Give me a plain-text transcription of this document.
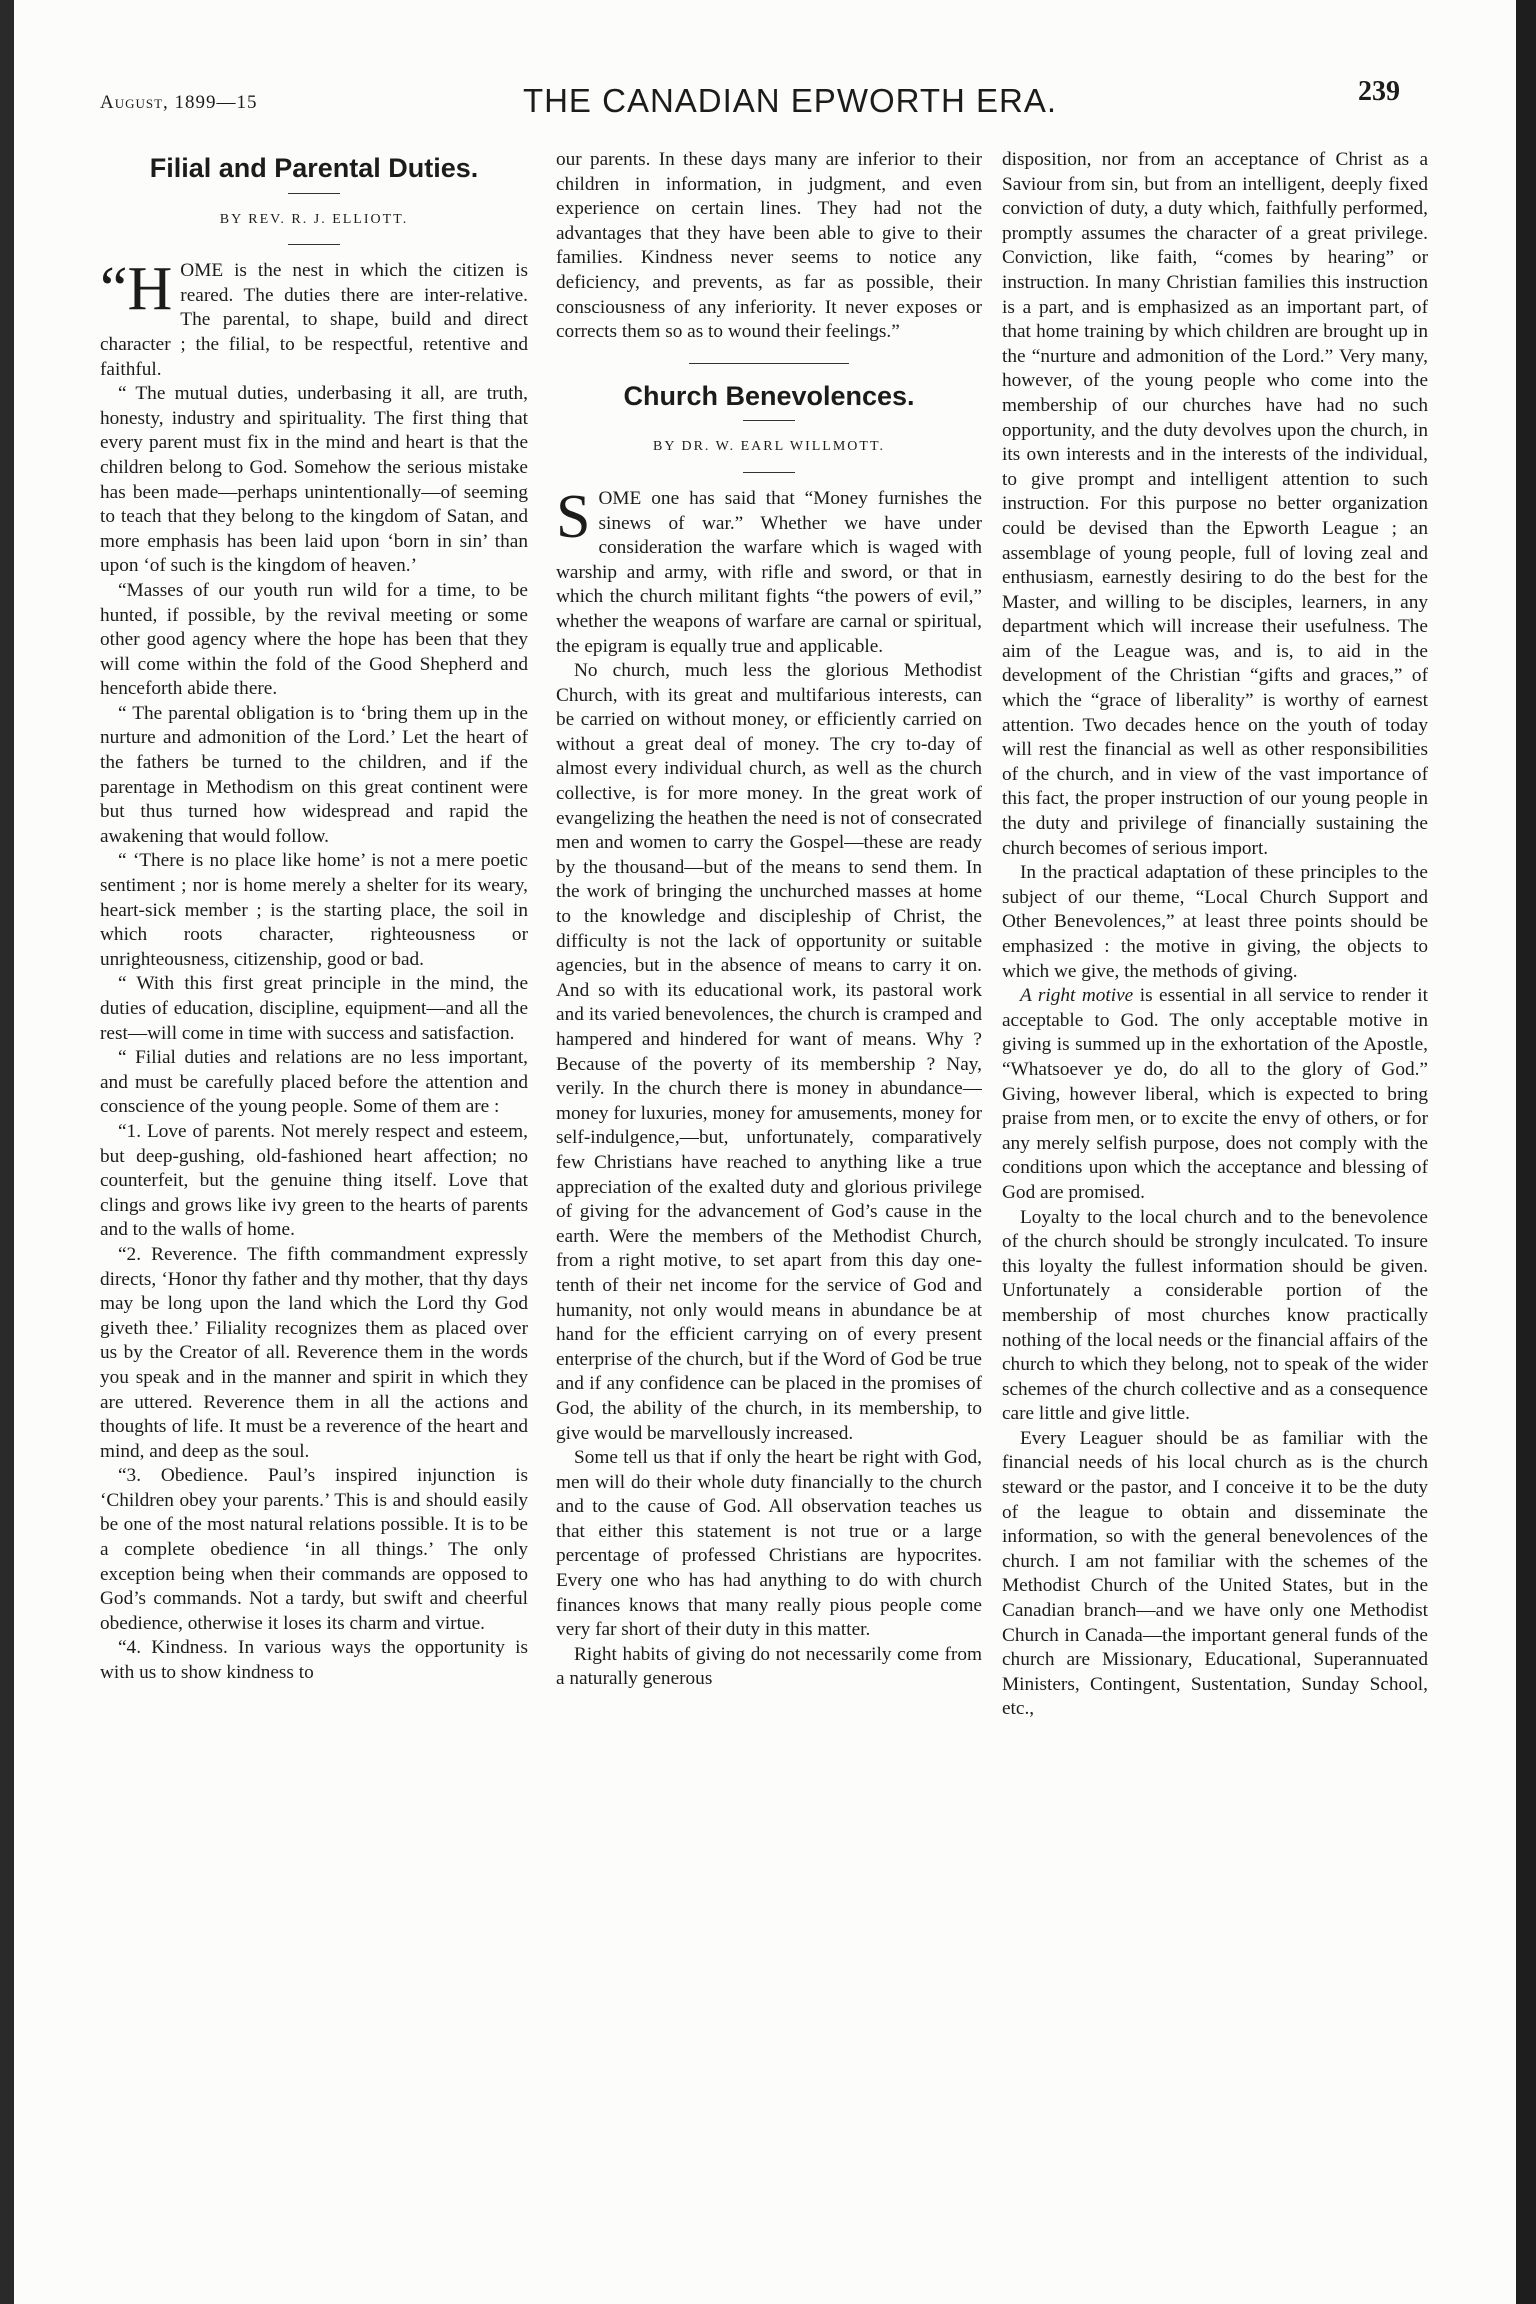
August, 1899—15	THE CANADIAN EPWORTH ERA.	239
Filial and Parental Duties.
BY REV. R. J. ELLIOTT.

“HOME is the nest in which the citizen is reared. The duties there are inter-relative. The parental, to shape, build and direct character ; the filial, to be respectful, retentive and faithful.

“ The mutual duties, underbasing it all, are truth, honesty, industry and spirituality. The first thing that every parent must fix in the mind and heart is that the children belong to God. Somehow the serious mistake has been made—perhaps unintentionally—of seeming to teach that they belong to the kingdom of Satan, and more emphasis has been laid upon ‘born in sin’ than upon ‘of such is the kingdom of heaven.’

“Masses of our youth run wild for a time, to be hunted, if possible, by the revival meeting or some other good agency where the hope has been that they will come within the fold of the Good Shepherd and henceforth abide there.

“ The parental obligation is to ‘bring them up in the nurture and admonition of the Lord.’ Let the heart of the fathers be turned to the children, and if the parentage in Methodism on this great continent were but thus turned how widespread and rapid the awakening that would follow.

“ ‘There is no place like home’ is not a mere poetic sentiment ; nor is home merely a shelter for its weary, heart-sick member ; is the starting place, the soil in which roots character, righteousness or unrighteousness, citizenship, good or bad.

“ With this first great principle in the mind, the duties of education, discipline, equipment—and all the rest—will come in time with success and satisfaction.

“ Filial duties and relations are no less important, and must be carefully placed before the attention and conscience of the young people. Some of them are :

“1. Love of parents. Not merely respect and esteem, but deep-gushing, old-fashioned heart affection; no counterfeit, but the genuine thing itself. Love that clings and grows like ivy green to the hearts of parents and to the walls of home.

“2. Reverence. The fifth commandment expressly directs, ‘Honor thy father and thy mother, that thy days may be long upon the land which the Lord thy God giveth thee.’ Filiality recognizes them as placed over us by the Creator of all. Reverence them in the words you speak and in the manner and spirit in which they are uttered. Reverence them in all the actions and thoughts of life. It must be a reverence of the heart and mind, and deep as the soul.

“3. Obedience. Paul’s inspired injunction is ‘Children obey your parents.’ This is and should easily be one of the most natural relations possible. It is to be a complete obedience ‘in all things.’ The only exception being when their commands are opposed to God’s commands. Not a tardy, but swift and cheerful obedience, otherwise it loses its charm and virtue.

“4. Kindness. In various ways the opportunity is with us to show kindness to

our parents. In these days many are inferior to their children in information, in judgment, and even experience on certain lines. They had not the advantages that they have been able to give to their families. Kindness never seems to notice any deficiency, and prevents, as far as possible, their consciousness of any inferiority. It never exposes or corrects them so as to wound their feelings.”

Church Benevolences.
BY DR. W. EARL WILLMOTT.

SOME one has said that “Money furnishes the sinews of war.” Whether we have under consideration the warfare which is waged with warship and army, with rifle and sword, or that in which the church militant fights “the powers of evil,” whether the weapons of warfare are carnal or spiritual, the epigram is equally true and applicable.

No church, much less the glorious Methodist Church, with its great and multifarious interests, can be carried on without money, or efficiently carried on without a great deal of money. The cry to-day of almost every individual church, as well as the church collective, is for more money. In the great work of evangelizing the heathen the need is not of consecrated men and women to carry the Gospel—these are ready by the thousand—but of the means to send them. In the work of bringing the unchurched masses at home to the knowledge and discipleship of Christ, the difficulty is not the lack of opportunity or suitable agencies, but in the absence of means to carry it on. And so with its educational work, its pastoral work and its varied benevolences, the church is cramped and hampered and hindered for want of means. Why ? Because of the poverty of its membership ? Nay, verily. In the church there is money in abundance—money for luxuries, money for amusements, money for self-indulgence,—but, unfortunately, comparatively few Christians have reached to anything like a true appreciation of the exalted duty and glorious privilege of giving for the advancement of God’s cause in the earth. Were the members of the Methodist Church, from a right motive, to set apart from this day one-tenth of their net income for the service of God and humanity, not only would means in abundance be at hand for the efficient carrying on of every present enterprise of the church, but if the Word of God be true and if any confidence can be placed in the promises of God, the ability of the church, in its membership, to give would be marvellously increased.

Some tell us that if only the heart be right with God, men will do their whole duty financially to the church and to the cause of God. All observation teaches us that either this statement is not true or a large percentage of professed Christians are hypocrites. Every one who has had anything to do with church finances knows that many really pious people come very far short of their duty in this matter.

Right habits of giving do not necessarily come from a naturally generous

disposition, nor from an acceptance of Christ as a Saviour from sin, but from an intelligent, deeply fixed conviction of duty, a duty which, faithfully performed, promptly assumes the character of a great privilege. Conviction, like faith, “comes by hearing” or instruction. In many Christian families this instruction is a part, and is emphasized as an important part, of that home training by which children are brought up in the “nurture and admonition of the Lord.” Very many, however, of the young people who come into the membership of our churches have had no such opportunity, and the duty devolves upon the church, in its own interests and in the interests of the individual, to give prompt and intelligent attention to such instruction. For this purpose no better organization could be devised than the Epworth League ; an assemblage of young people, full of loving zeal and enthusiasm, earnestly desiring to do the best for the Master, and willing to be disciples, learners, in any department which will increase their usefulness. The aim of the League was, and is, to aid in the development of the Christian “gifts and graces,” of which the “grace of liberality” is worthy of earnest attention. Two decades hence on the youth of today will rest the financial as well as other responsibilities of the church, and in view of the vast importance of this fact, the proper instruction of our young people in the duty and privilege of financially sustaining the church becomes of serious import.

In the practical adaptation of these principles to the subject of our theme, “Local Church Support and Other Benevolences,” at least three points should be emphasized : the motive in giving, the objects to which we give, the methods of giving.

A right motive is essential in all service to render it acceptable to God. The only acceptable motive in giving is summed up in the exhortation of the Apostle, “Whatsoever ye do, do all to the glory of God.” Giving, however liberal, which is expected to bring praise from men, or to excite the envy of others, or for any merely selfish purpose, does not comply with the conditions upon which the acceptance and blessing of God are promised.

Loyalty to the local church and to the benevolence of the church should be strongly inculcated. To insure this loyalty the fullest information should be given. Unfortunately a considerable portion of the membership of most churches know practically nothing of the local needs or the financial affairs of the church to which they belong, not to speak of the wider schemes of the church collective and as a consequence care little and give little.

Every Leaguer should be as familiar with the financial needs of his local church as is the church steward or the pastor, and I conceive it to be the duty of the league to obtain and disseminate the information, so with the general benevolences of the church. I am not familiar with the schemes of the Methodist Church of the United States, but in the Canadian branch—and we have only one Methodist Church in Canada—the important general funds of the church are Missionary, Educational, Superannuated Ministers, Contingent, Sustentation, Sunday School, etc.,
